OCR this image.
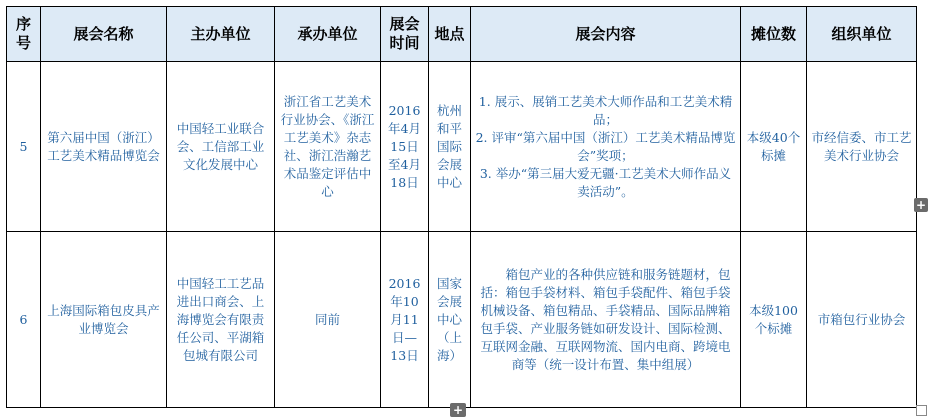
序号	展会名称	主办单位	承办单位	展会时间	地点	展会内容	摊位数	组织单位
5	第六届中国（浙江）工艺美术精品博览会	中国轻工业联合会、工信部工业文化发展中心	浙江省工艺美术行业协会、《浙江工艺美术》杂志社、浙江浩瀚艺术品鉴定评估中心	2016年4月15日至4月18日	杭州和平国际会展中心	1. 展示、展销工艺美术大师作品和工艺美术精品；

2. 评审“第六届中国（浙江）工艺美术精品博览会”奖项；

3. 举办“第三届大爱无疆·工艺美术大师作品义卖活动”。	本级40个标摊	市经信委、市工艺美术行业协会
6	上海国际箱包皮具产业博览会	中国轻工工艺品进出口商会、上海博览会有限责任公司、平湖箱包城有限公司	同前	2016年10月11日—13日	国家会展中心（上海）	箱包产业的各种供应链和服务链题材，包括：箱包手袋材料、箱包手袋配件、箱包手袋机械设备、箱包精品、手袋精品、国际品牌箱包手袋、产业服务链如研发设计、国际检测、互联网金融、互联网物流、国内电商、跨境电商等（统一设计布置、集中组展）	本级100个标摊	市箱包行业协会
+
+
